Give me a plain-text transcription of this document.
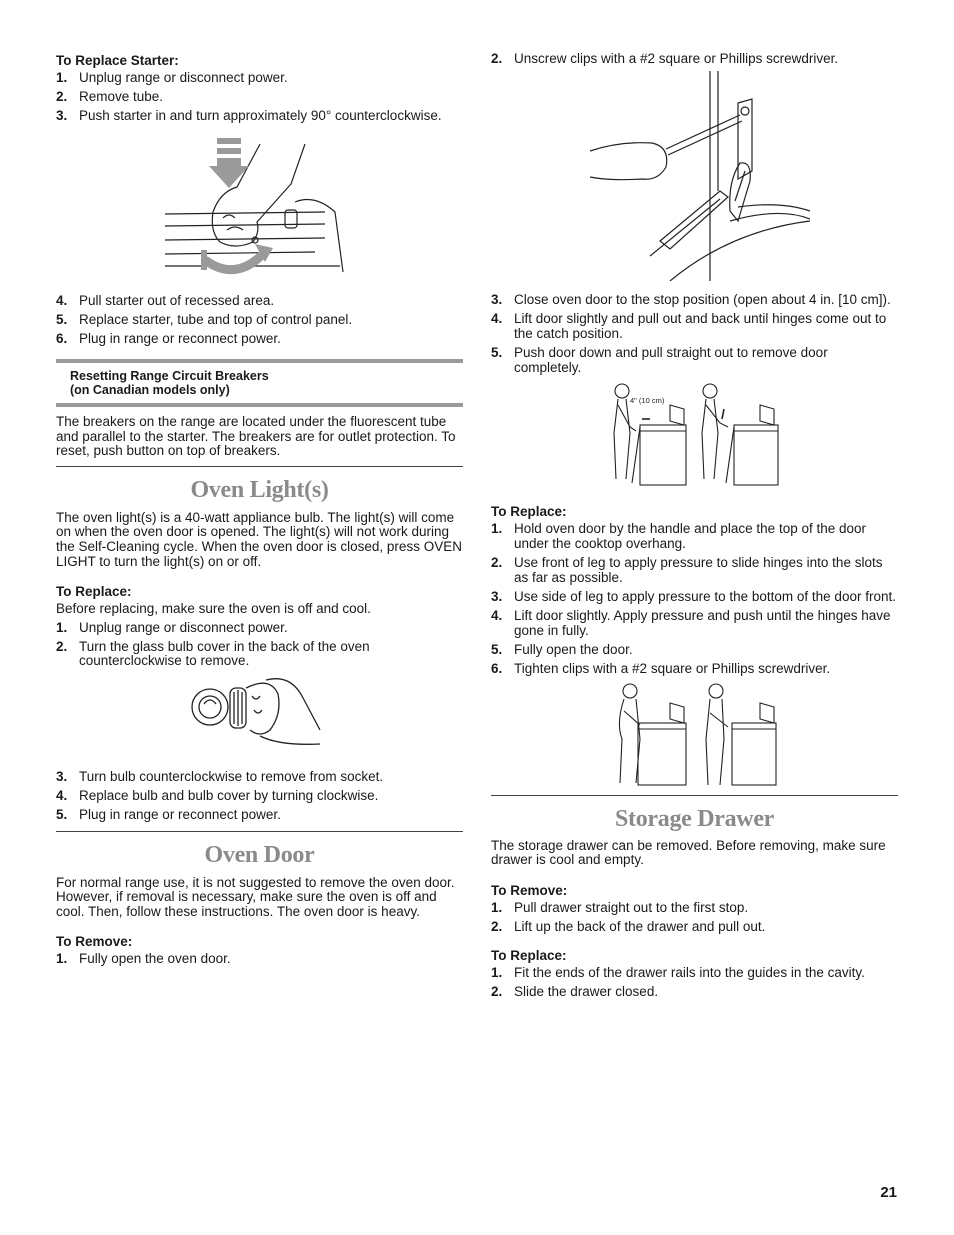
To Replace Starter:
1. Unplug range or disconnect power.
2. Remove tube.
3. Push starter in and turn approximately 90° counterclockwise.
4. Pull starter out of recessed area.
5. Replace starter, tube and top of control panel.
6. Plug in range or reconnect power.
Resetting Range Circuit Breakers
(on Canadian models only)

The breakers on the range are located under the fluorescent tube and parallel to the starter. The breakers are for outlet protection. To reset, push button on top of breakers.

Oven Light(s)

The oven light(s) is a 40-watt appliance bulb. The light(s) will come on when the oven door is opened. The light(s) will not work during the Self-Cleaning cycle. When the oven door is closed, press OVEN LIGHT to turn the light(s) on or off.

To Replace:

Before replacing, make sure the oven is off and cool.

1. Unplug range or disconnect power.
2. Turn the glass bulb cover in the back of the oven counterclockwise to remove.
3. Turn bulb counterclockwise to remove from socket.
4. Replace bulb and bulb cover by turning clockwise.
5. Plug in range or reconnect power.
Oven Door

For normal range use, it is not suggested to remove the oven door. However, if removal is necessary, make sure the oven is off and cool. Then, follow these instructions. The oven door is heavy.

To Remove:
1. Fully open the oven door.
2. Unscrew clips with a #2 square or Phillips screwdriver.
3. Close oven door to the stop position (open about 4 in. [10 cm]).
4. Lift door slightly and pull out and back until hinges come out to the catch position.
5. Push door down and pull straight out to remove door completely.
4" (10 cm)
To Replace:
1. Hold oven door by the handle and place the top of the door under the cooktop overhang.
2. Use front of leg to apply pressure to slide hinges into the slots as far as possible.
3. Use side of leg to apply pressure to the bottom of the door front.
4. Lift door slightly. Apply pressure and push until the hinges have gone in fully.
5. Fully open the door.
6. Tighten clips with a #2 square or Phillips screwdriver.
Storage Drawer

The storage drawer can be removed. Before removing, make sure drawer is cool and empty.

To Remove:
1. Pull drawer straight out to the first stop.
2. Lift up the back of the drawer and pull out.
To Replace:
1. Fit the ends of the drawer rails into the guides in the cavity.
2. Slide the drawer closed.
21
